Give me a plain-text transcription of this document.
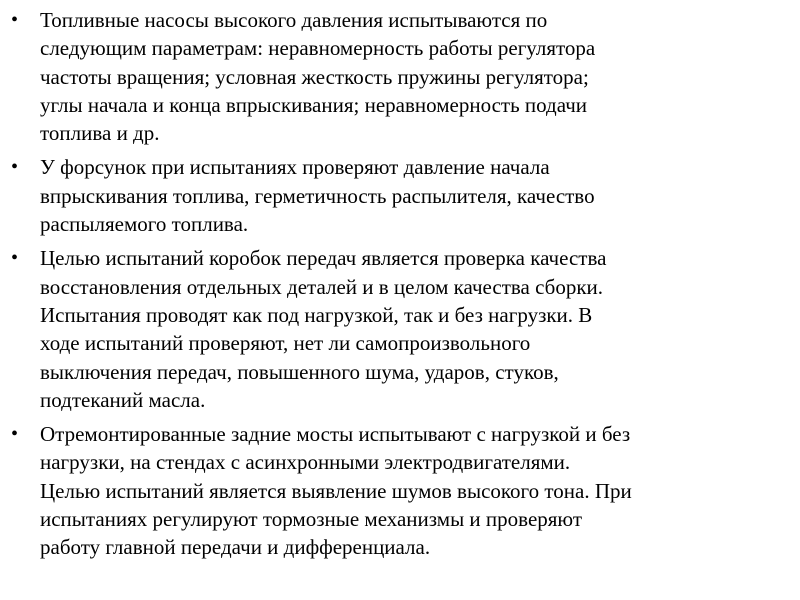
•	Топливные насосы высокого давления испытываются по
следующим параметрам: неравномерность работы регулятора
частоты вращения; условная жесткость пружины регулятора;
углы начала и конца впрыскивания; неравномерность подачи
топлива и др.
•	У форсунок при испытаниях проверяют давление начала
впрыскивания топлива, герметичность распылителя, качество
распыляемого топлива.
•	Целью испытаний коробок передач является проверка качества
восстановления отдельных деталей и в целом качества сборки.
Испытания проводят как под нагрузкой, так и без нагрузки. В
ходе испытаний проверяют, нет ли самопроизвольного
выключения передач, повышенного шума, ударов, стуков,
подтеканий масла.
•	Отремонтированные задние мосты испытывают с нагрузкой и без
нагрузки, на стендах с асинхронными электродвигателями.
Целью испытаний является выявление шумов высокого тона. При
испытаниях регулируют тормозные механизмы и проверяют
работу главной передачи и дифференциала.
